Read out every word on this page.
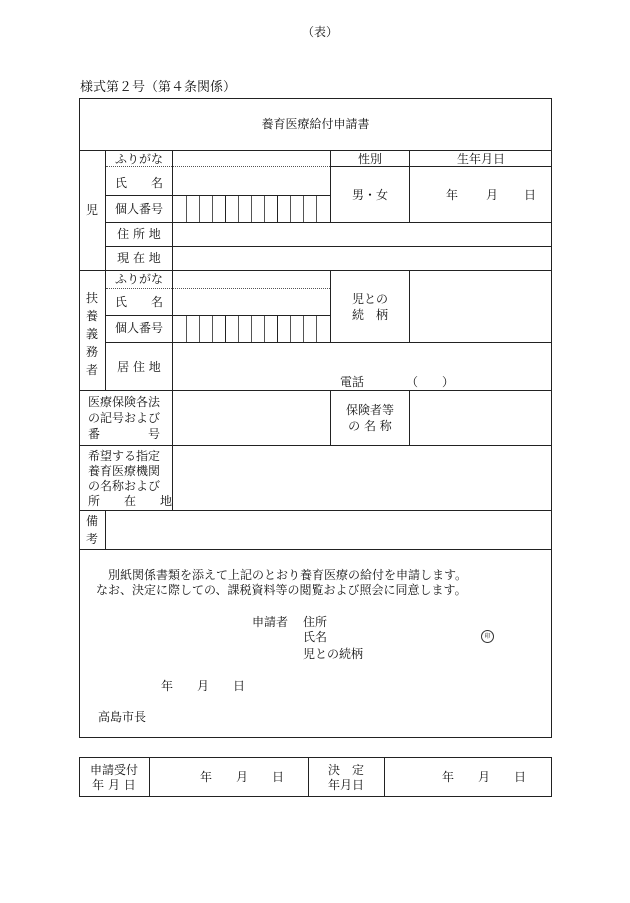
（表）
様式第２号（第４条関係）
養育医療給付申請書
児
ふりがな
氏　　名
個人番号
住 所 地
現 在 地
性別
男・女
生年月日
年 月 日
扶養義務者
ふりがな
氏　　名
個人番号
居 住 地
児との
続　柄
電話　　　　（　　）
医療保険各法
の記号および
番　　　　号
保険者等
の 名 称
希望する指定
養育医療機関
の名称および
所　　在　　地
備考
別紙関係書類を添えて上記のとおり養育医療の給付を申請します。
なお、決定に際しての、課税資料等の閲覧および照会に同意します。
申請者 住所
氏名	印
児との続柄
年　　月　　日
高島市長
申請受付
年 月 日
年　　月　　日	決　定
年月日
年　　月　　日
